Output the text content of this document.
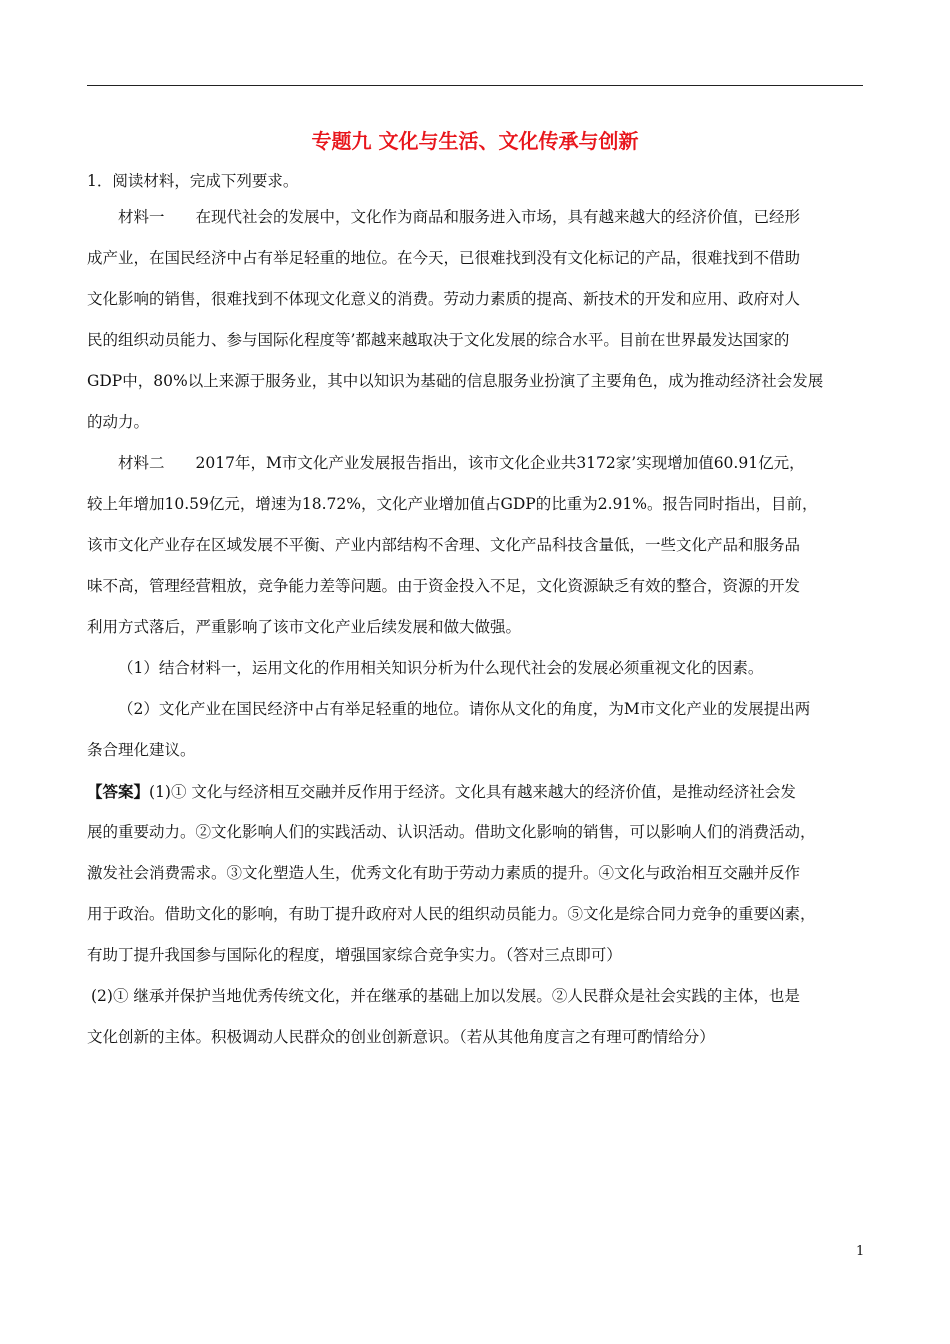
专题九 文化与生活、文化传承与创新
1．阅读材料，完成下列要求。
材料一　　在现代社会的发展中，文化作为商品和服务进入市场，具有越来越大的经济价值，已经形
成产业，在国民经济中占有举足轻重的地位。在今天，已很难找到没有文化标记的产品，很难找到不借助
文化影响的销售，很难找到不体现文化意义的消费。劳动力素质的提高、新技术的开发和应用、政府对人
民的组织动员能力、参与国际化程度等’都越来越取决于文化发展的综合水平。目前在世界最发达国家的
GDP中，80%以上来源于服务业，其中以知识为基础的信息服务业扮演了主要角色，成为推动经济社会发展
的动力。
材料二　　2017年，M市文化产业发展报告指出，该市文化企业共3172家’实现增加值60.91亿元，
较上年增加10.59亿元，增速为18.72%，文化产业增加值占GDP的比重为2.91%。报告同时指出，目前，
该市文化产业存在区域发展不平衡、产业内部结构不舍理、文化产品科技含量低，一些文化产品和服务品
味不高，管理经营粗放，竞争能力差等问题。由于资金投入不足，文化资源缺乏有效的整合，资源的开发
利用方式落后，严重影响了该市文化产业后续发展和做大做强。
（1）结合材料一，运用文化的作用相关知识分析为什么现代社会的发展必须重视文化的因素。
（2）文化产业在国民经济中占有举足轻重的地位。请你从文化的角度，为M市文化产业的发展提出两
条合理化建议。
【答案】(1)① 文化与经济相互交融并反作用于经济。文化具有越来越大的经济价值，是推动经济社会发
展的重要动力。②文化影响人们的实践活动、认识活动。借助文化影响的销售，可以影响人们的消费活动，
激发社会消费需求。③文化塑造人生，优秀文化有助于劳动力素质的提升。④文化与政治相互交融并反作
用于政治。借助文化的影响，有助丁提升政府对人民的组织动员能力。⑤文化是综合同力竞争的重要凶素，
有助丁提升我国参与国际化的程度，增强国家综合竞争实力。（答对三点即可）
(2)① 继承并保护当地优秀传统文化，并在继承的基础上加以发展。②人民群众是社会实践的主体，也是
文化创新的主体。积极调动人民群众的创业创新意识。（若从其他角度言之有理可酌情给分）
1
